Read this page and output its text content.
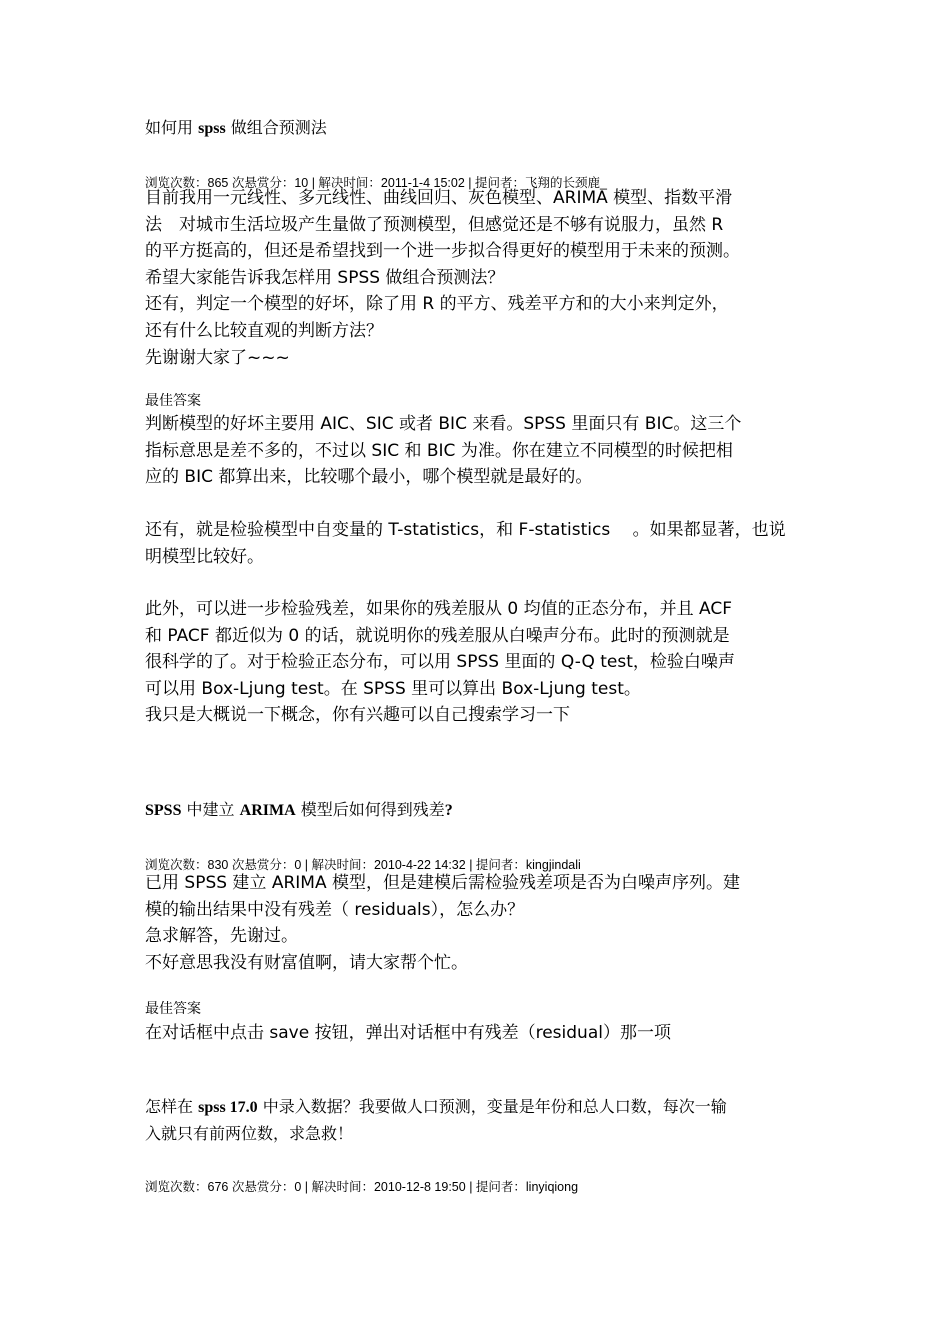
如何用 spss 做组合预测法
浏览次数：865 次悬赏分：10 | 解决时间：2011-1-4 15:02 | 提问者：飞翔的长颈鹿_
目前我用一元线性、多元线性、曲线回归、灰色模型、ARIMA 模型、指数平滑
法　对城市生活垃圾产生量做了预测模型，但感觉还是不够有说服力，虽然 R
的平方挺高的，但还是希望找到一个进一步拟合得更好的模型用于未来的预测。
希望大家能告诉我怎样用 SPSS 做组合预测法？
还有，判定一个模型的好坏，除了用 R 的平方、残差平方和的大小来判定外，
还有什么比较直观的判断方法？
先谢谢大家了~~~
最佳答案
判断模型的好坏主要用 AIC、SIC 或者 BIC 来看。SPSS 里面只有 BIC。这三个
指标意思是差不多的，不过以 SIC 和 BIC 为准。你在建立不同模型的时候把相
应的 BIC 都算出来，比较哪个最小，哪个模型就是最好的。
还有，就是检验模型中自变量的 T-statistics，和 F-statistics　 。如果都显著，也说
明模型比较好。
此外，可以进一步检验残差，如果你的残差服从 0 均值的正态分布，并且 ACF
和 PACF 都近似为 0 的话，就说明你的残差服从白噪声分布。此时的预测就是
很科学的了。对于检验正态分布，可以用 SPSS 里面的 Q-Q test，检验白噪声
可以用 Box-Ljung test。在 SPSS 里可以算出 Box-Ljung test。
我只是大概说一下概念，你有兴趣可以自己搜索学习一下
SPSS 中建立 ARIMA 模型后如何得到残差?
浏览次数：830 次悬赏分：0 | 解决时间：2010-4-22 14:32 | 提问者：kingjindali
已用 SPSS 建立 ARIMA 模型，但是建模后需检验残差项是否为白噪声序列。建
模的输出结果中没有残差（ residuals），怎么办？
急求解答，先谢过。
不好意思我没有财富值啊，请大家帮个忙。
最佳答案
在对话框中点击 save 按钮，弹出对话框中有残差（residual）那一项
怎样在 spss 17.0 中录入数据？我要做人口预测，变量是年份和总人口数，每次一输
入就只有前两位数，求急救！
浏览次数：676 次悬赏分：0 | 解决时间：2010-12-8 19:50 | 提问者：linyiqiong
